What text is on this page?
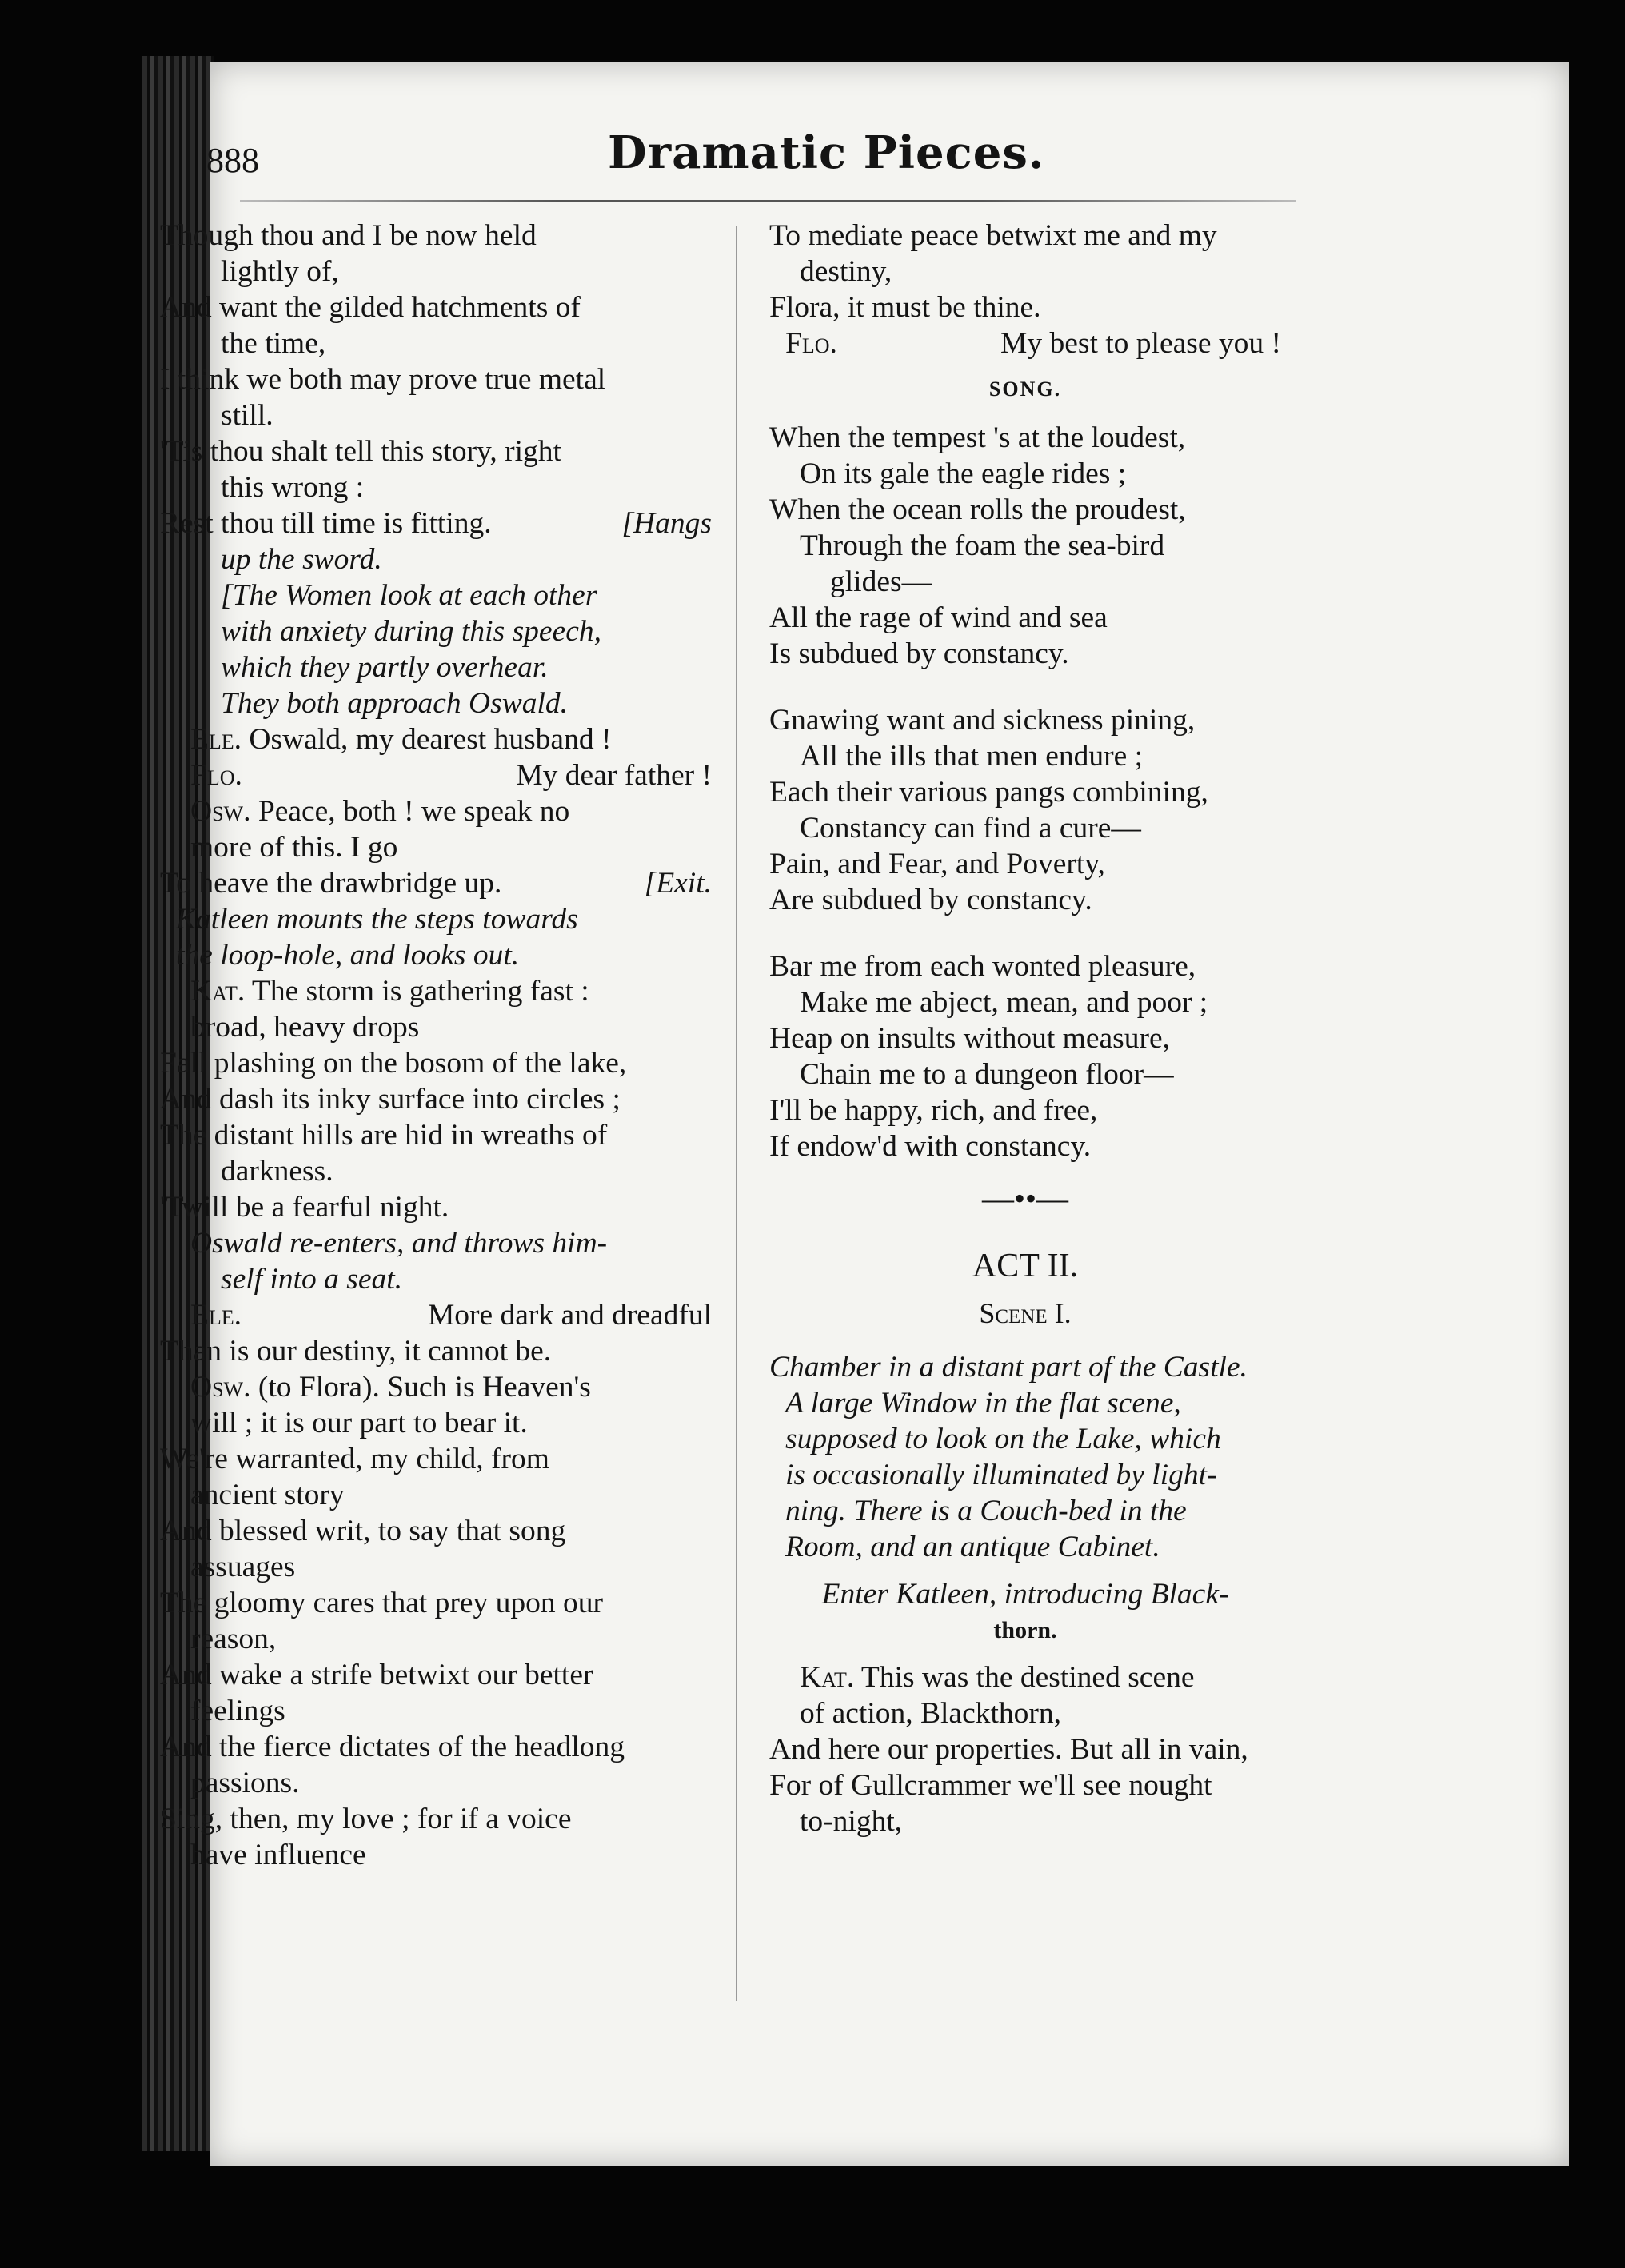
888	Dramatic Pieces.
Though thou and I be now held
lightly of,
And want the gilded hatchments of
the time,
I think we both may prove true metal
still.
'Tis thou shalt tell this story, right
this wrong :
Rest thou till time is fitting.	[Hangs
up the sword.
[The Women look at each other
with anxiety during this speech,
which they partly overhear.
They both approach Oswald.
Ele. Oswald, my dearest husband !
Flo.	My dear father !
Osw. Peace, both ! we speak no
more of this. I go
To heave the drawbridge up.	[Exit.
Katleen mounts the steps towards
the loop-hole, and looks out.
Kat. The storm is gathering fast :
broad, heavy drops
Fall plashing on the bosom of the lake,
And dash its inky surface into circles ;
The distant hills are hid in wreaths of
darkness.
'Twill be a fearful night.
Oswald re-enters, and throws him-
self into a seat.
Ele.	More dark and dreadful
Than is our destiny, it cannot be.
Osw. (to Flora). Such is Heaven's
will ; it is our part to bear it.
We're warranted, my child, from
ancient story
And blessed writ, to say that song
assuages
The gloomy cares that prey upon our
reason,
And wake a strife betwixt our better
feelings
And the fierce dictates of the headlong
passions.
Sing, then, my love ; for if a voice
have influence
To mediate peace betwixt me and my
destiny,
Flora, it must be thine.
Flo.	My best to please you !
SONG.
When the tempest 's at the loudest,
On its gale the eagle rides ;
When the ocean rolls the proudest,
Through the foam the sea-bird
glides—
All the rage of wind and sea
Is subdued by constancy.
Gnawing want and sickness pining,
All the ills that men endure ;
Each their various pangs combining,
Constancy can find a cure—
Pain, and Fear, and Poverty,
Are subdued by constancy.
Bar me from each wonted pleasure,
Make me abject, mean, and poor ;
Heap on insults without measure,
Chain me to a dungeon floor—
I'll be happy, rich, and free,
If endow'd with constancy.
—••—
ACT II.
Scene I.
Chamber in a distant part of the Castle.
A large Window in the flat scene,
supposed to look on the Lake, which
is occasionally illuminated by light-
ning. There is a Couch-bed in the
Room, and an antique Cabinet.
Enter Katleen, introducing Black-
thorn.
Kat. This was the destined scene
of action, Blackthorn,
And here our properties. But all in vain,
For of Gullcrammer we'll see nought
to-night,
